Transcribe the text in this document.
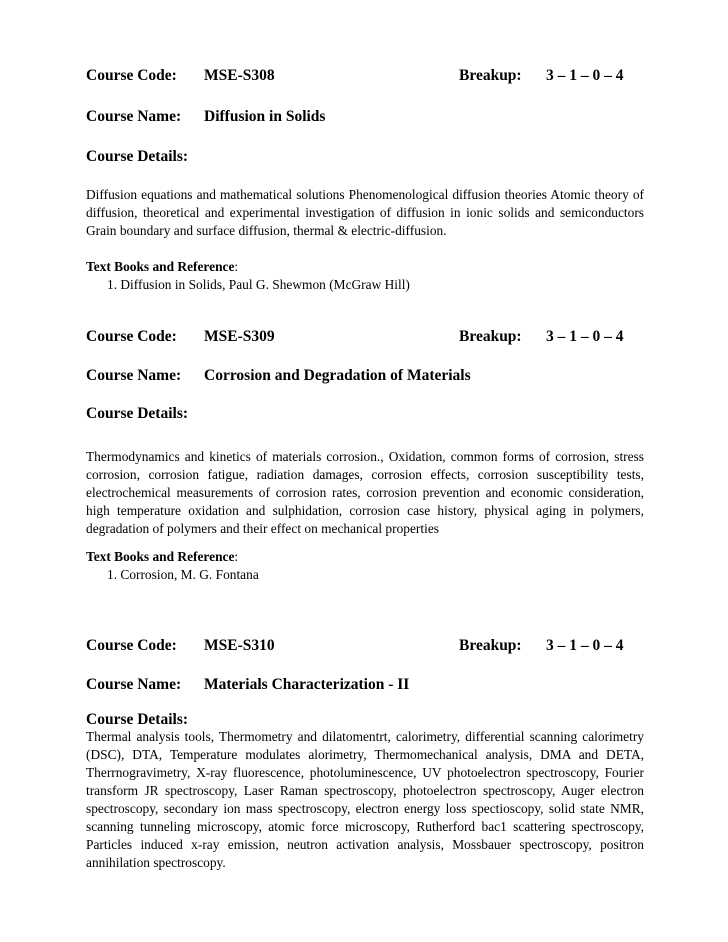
Course Code: MSE-S308	Breakup: 3 – 1 – 0 – 4
Course Name: Diffusion in Solids
Course Details:

Diffusion equations and mathematical solutions Phenomenological diffusion theories Atomic theory of diffusion, theoretical and experimental investigation of diffusion in ionic solids and semiconductors Grain boundary and surface diffusion, thermal & electric-diffusion.

Text Books and Reference:
1. Diffusion in Solids, Paul G. Shewmon (McGraw Hill)
Course Code: MSE-S309	Breakup: 3 – 1 – 0 – 4
Course Name: Corrosion and Degradation of Materials
Course Details:

Thermodynamics and kinetics of materials corrosion., Oxidation, common forms of corrosion, stress corrosion, corrosion fatigue, radiation damages, corrosion effects, corrosion susceptibility tests, electrochemical measurements of corrosion rates, corrosion prevention and economic consideration, high temperature oxidation and sulphidation, corrosion case history, physical aging in polymers, degradation of polymers and their effect on mechanical properties

Text Books and Reference:
1. Corrosion, M. G. Fontana
Course Code: MSE-S310	Breakup: 3 – 1 – 0 – 4
Course Name: Materials Characterization - II
Course Details:

Thermal analysis tools, Thermometry and dilatomentrt, calorimetry, differential scanning calorimetry (DSC), DTA, Temperature modulates alorimetry, Thermomechanical analysis, DMA and DETA, Therrnogravimetry, X-ray fluorescence, photoluminescence, UV photoelectron spectroscopy, Fourier transform JR spectroscopy, Laser Raman spectroscopy, photoelectron spectroscopy, Auger electron spectroscopy, secondary ion mass spectroscopy, electron energy loss spectioscopy, solid state NMR, scanning tunneling microscopy, atomic force microscopy, Rutherford bac1 scattering spectroscopy, Particles induced x-ray emission, neutron activation analysis, Mossbauer spectroscopy, positron annihilation spectroscopy.
